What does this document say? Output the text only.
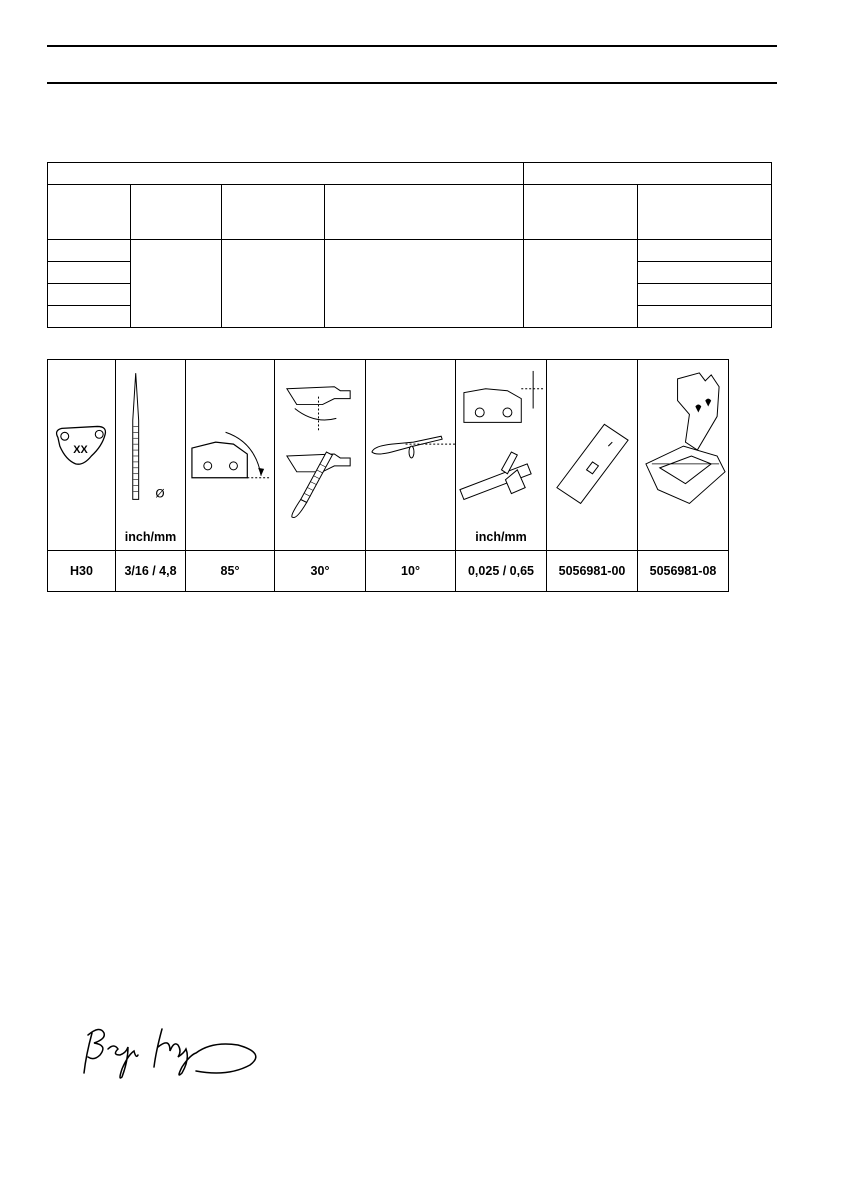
XX	Ø
inch/mm				inch/mm

H30	3/16 / 4,8	85°	30°	10°	0,025 / 0,65	5056981-00	5056981-08
